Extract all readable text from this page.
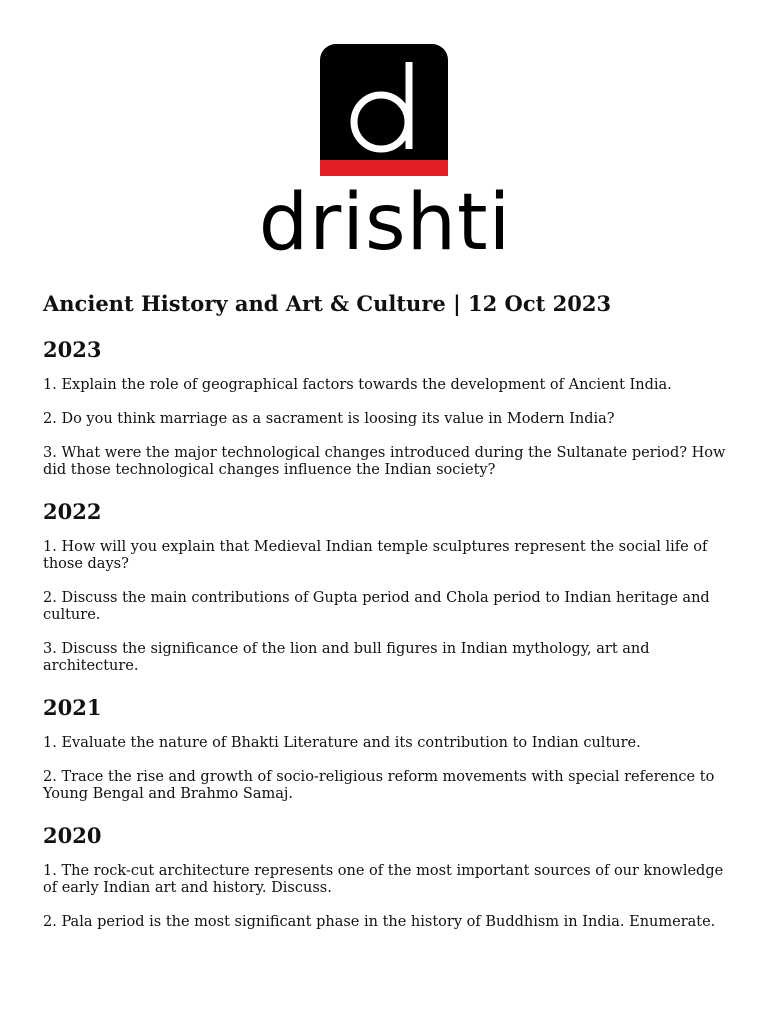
drishti
Ancient History and Art & Culture | 12 Oct 2023
2023

1. Explain the role of geographical factors towards the development of Ancient India.

2. Do you think marriage as a sacrament is loosing its value in Modern India?

3. What were the major technological changes introduced during the Sultanate period? How did those technological changes influence the Indian society?

2022

1. How will you explain that Medieval Indian temple sculptures represent the social life of those days?

2. Discuss the main contributions of Gupta period and Chola period to Indian heritage and culture.

3. Discuss the significance of the lion and bull figures in Indian mythology, art and architecture.

2021

1. Evaluate the nature of Bhakti Literature and its contribution to Indian culture.

2. Trace the rise and growth of socio-religious reform movements with special reference to Young Bengal and Brahmo Samaj.

2020

1. The rock-cut architecture represents one of the most important sources of our knowledge of early Indian art and history. Discuss.

2. Pala period is the most significant phase in the history of Buddhism in India. Enumerate.
